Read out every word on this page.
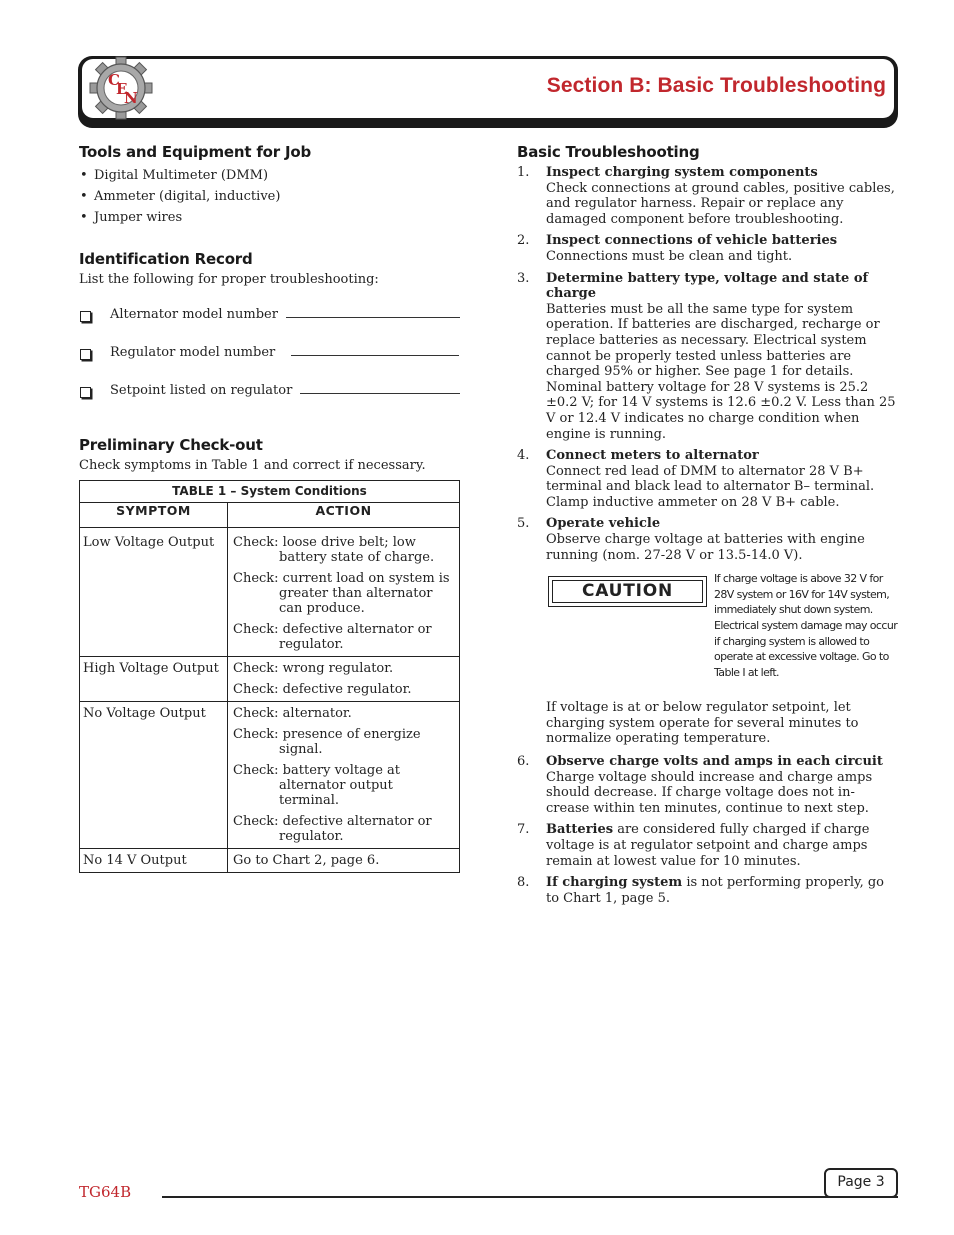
C
E
N
Section B: Basic Troubleshooting
Tools and Equipment for Job
• Digital Multimeter (DMM)
• Ammeter (digital, inductive)
• Jumper wires
Identification Record
List the following for proper troubleshooting:
Alternator model number
Regulator model number
Setpoint listed on regulator
Preliminary Check-out
Check symptoms in Table 1 and correct if necessary.
TABLE 1 – System Conditions	
SYMPTOM	ACTION
Low Voltage Output	Check: loose drive belt; low battery state of charge.
Check: current load on system is greater than alternator can produce.
Check: defective alternator or regulator.

High Voltage Output	Check: wrong regulator.
Check: defective regulator.

No Voltage Output	Check: alternator.
Check: presence of energize signal.
Check: battery voltage at alternator output terminal.
Check: defective alternator or regulator.

No 14 V Output	Go to Chart 2, page 6.
Basic Troubleshooting
1. Inspect charging system components
Check connections at ground cables, positive cables, and regulator harness. Repair or replace any damaged component before troubleshooting.
2. Inspect connections of vehicle batteries
Connections must be clean and tight.
3. Determine battery type, voltage and state of charge
Batteries must be all the same type for system operation. If batteries are discharged, recharge or replace batteries as necessary. Electrical system cannot be properly tested unless batteries are charged 95% or higher. See page 1 for details. Nominal battery voltage for 28 V systems is 25.2 ±0.2 V; for 14 V systems is 12.6 ±0.2 V. Less than 25 V or 12.4 V indicates no charge condition when engine is running.
4. Connect meters to alternator
Connect red lead of DMM to alternator 28 V B+ terminal and black lead to alternator B– terminal. Clamp inductive ammeter on 28 V B+ cable.
5. Operate vehicle
Observe charge voltage at batteries with engine running (nom. 27-28 V or 13.5-14.0 V).
CAUTION
If charge voltage is above 32 V for 28V system or 16V for 14V system, immediately shut down system. Electrical system damage may occur if charging system is allowed to operate at excessive voltage. Go to Table I at left.
If voltage is at or below regulator setpoint, let charging system operate for several minutes to normalize operating temperature.
6. Observe charge volts and amps in each circuit
Charge voltage should increase and charge amps should decrease. If charge voltage does not in- crease within ten minutes, continue to next step.
7. Batteries are considered fully charged if charge voltage is at regulator setpoint and charge amps remain at lowest value for 10 minutes.
8. If charging system is not performing properly, go to Chart 1, page 5.
TG64B
Page 3
